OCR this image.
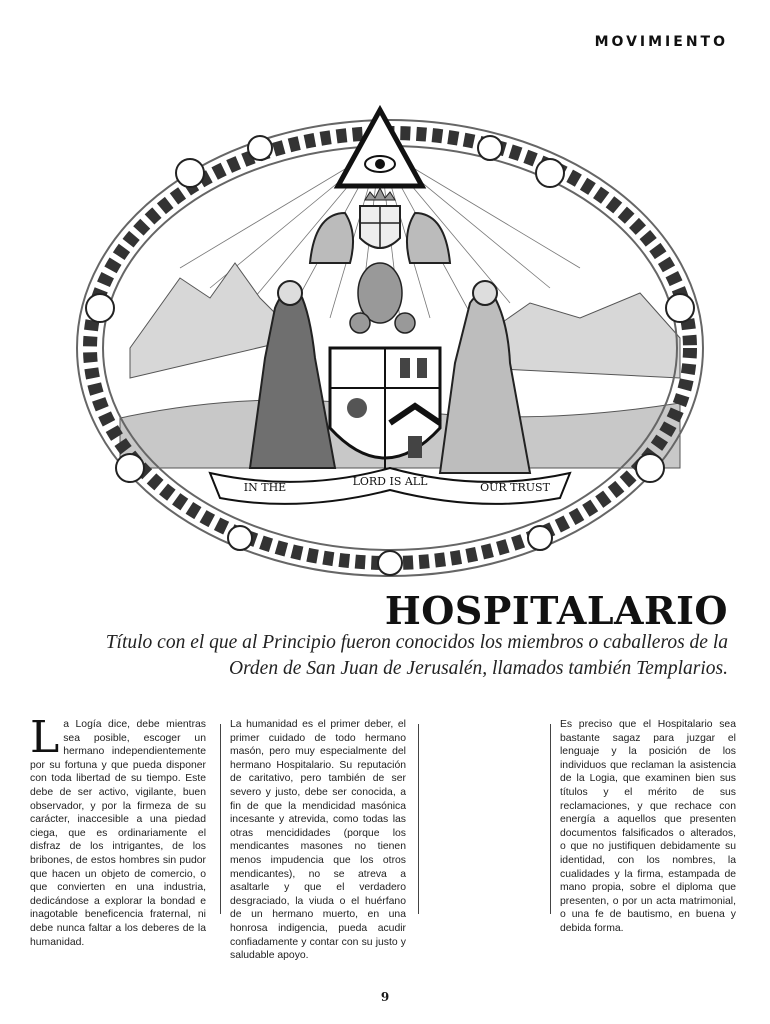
MOVIMIENTO
IN THE	LORD IS ALL	OUR TRUST
HOSPITALARIO

Título con el que al Principio fueron conocidos los miembros o caballeros de la Orden de San Juan de Jerusalén, llamados también Templarios.

La Logía dice, debe mientras sea posible, escoger un hermano independientemente por su fortuna y que pueda disponer con toda libertad de su tiempo. Este debe de ser activo, vigilante, buen observador, y por la firmeza de su carácter, inaccesible a una piedad ciega, que es ordinariamente el disfraz de los intrigantes, de los bribones, de estos hombres sin pudor que hacen un objeto de comercio, o que convierten en una industria, dedicándose a explorar la bondad e inagotable beneficencia fraternal, ni debe nunca faltar a los deberes de la humanidad.

La humanidad es el primer deber, el primer cuidado de todo hermano masón, pero muy especialmente del hermano Hospitalario. Su reputación de caritativo, pero también de ser severo y justo, debe ser conocida, a fin de que la mendicidad masónica incesante y atrevida, como todas las otras mencididades (porque los mendicantes masones no tienen menos impudencia que los otros mendicantes), no se atreva a asaltarle y que el verdadero desgraciado, la viuda o el huérfano de un hermano muerto, en una honrosa indigencia, pueda acudir confiadamente y contar con su justo y saludable apoyo.

Es preciso que el Hospitalario sea bastante sagaz para juzgar el lenguaje y la posición de los individuos que reclaman la asistencia de la Logia, que examinen bien sus títulos y el mérito de sus reclamaciones, y que rechace con energía a aquellos que presenten documentos falsificados o alterados, o que no justifiquen debidamente su identidad, con los nombres, la cualidades y la firma, estampada de mano propia, sobre el diploma que presenten, o por un acta matrimonial, o una fe de bautismo, en buena y debida forma.

9
